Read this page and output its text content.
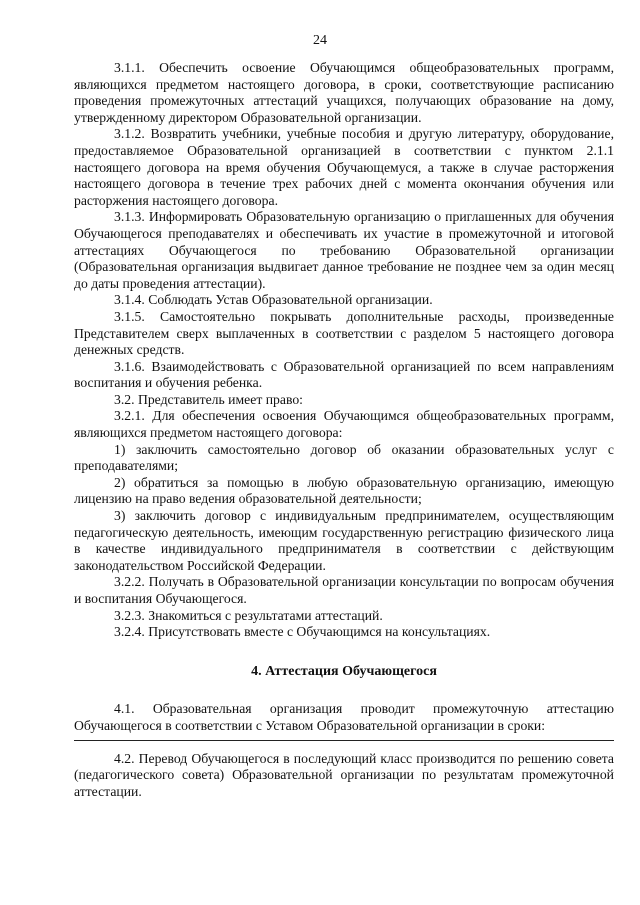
24

3.1.1. Обеспечить освоение Обучающимся общеобразовательных программ, являющихся предметом настоящего договора, в сроки, соответствующие расписанию проведения промежуточных аттестаций учащихся, получающих образование на дому, утвержденному директором Образовательной организации.

3.1.2. Возвратить учебники, учебные пособия и другую литературу, оборудование, предоставляемое Образовательной организацией в соответствии с пунктом 2.1.1 настоящего договора на время обучения Обучающемуся, а также в случае расторжения настоящего договора в течение трех рабочих дней с момента окончания обучения или расторжения настоящего договора.

3.1.3. Информировать Образовательную организацию о приглашенных для обучения Обучающегося преподавателях и обеспечивать их участие в промежуточной и итоговой аттестациях Обучающегося по требованию Образовательной организации (Образовательная организация выдвигает данное требование не позднее чем за один месяц до даты проведения аттестации).

3.1.4. Соблюдать Устав Образовательной организации.

3.1.5. Самостоятельно покрывать дополнительные расходы, произведенные Представителем сверх выплаченных в соответствии с разделом 5 настоящего договора денежных средств.

3.1.6. Взаимодействовать с Образовательной организацией по всем направлениям воспитания и обучения ребенка.

3.2. Представитель имеет право:

3.2.1. Для обеспечения освоения Обучающимся общеобразовательных программ, являющихся предметом настоящего договора:

1) заключить самостоятельно договор об оказании образовательных услуг с преподавателями;

2) обратиться за помощью в любую образовательную организацию, имеющую лицензию на право ведения образовательной деятельности;

3) заключить договор с индивидуальным предпринимателем, осуществляющим педагогическую деятельность, имеющим государственную регистрацию физического лица в качестве индивидуального предпринимателя в соответствии с действующим законодательством Российской Федерации.

3.2.2. Получать в Образовательной организации консультации по вопросам обучения и воспитания Обучающегося.

3.2.3. Знакомиться с результатами аттестаций.

3.2.4. Присутствовать вместе с Обучающимся на консультациях.

4. Аттестация Обучающегося

4.1. Образовательная организация проводит промежуточную аттестацию Обучающегося в соответствии с Уставом Образовательной организации в сроки:

4.2. Перевод Обучающегося в последующий класс производится по решению совета (педагогического совета) Образовательной организации по результатам промежуточной аттестации.
